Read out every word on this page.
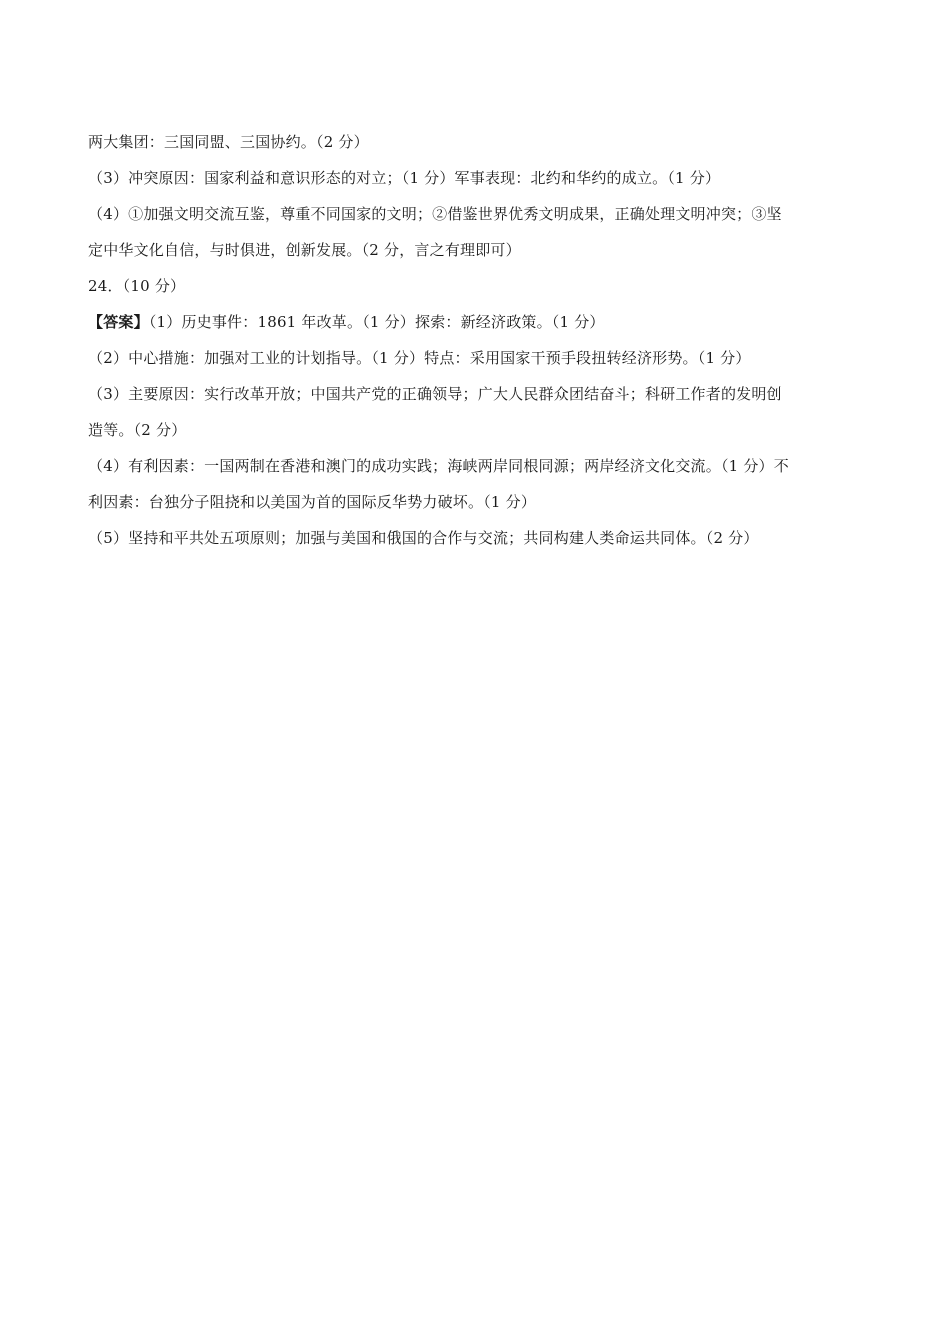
两大集团：三国同盟、三国协约。（2 分）
（3）冲突原因：国家利益和意识形态的对立；（1 分）军事表现：北约和华约的成立。（1 分）
（4）①加强文明交流互鉴，尊重不同国家的文明；②借鉴世界优秀文明成果，正确处理文明冲突；③坚
定中华文化自信，与时俱进，创新发展。（2 分，言之有理即可）
24．（10 分）
【答案】（1）历史事件：1861 年改革。（1 分）探索：新经济政策。（1 分）
（2）中心措施：加强对工业的计划指导。（1 分）特点：采用国家干预手段扭转经济形势。（1 分）
（3）主要原因：实行改革开放；中国共产党的正确领导；广大人民群众团结奋斗；科研工作者的发明创
造等。（2 分）
（4）有利因素：一国两制在香港和澳门的成功实践；海峡两岸同根同源；两岸经济文化交流。（1 分）不
利因素：台独分子阻挠和以美国为首的国际反华势力破坏。（1 分）
（5）坚持和平共处五项原则；加强与美国和俄国的合作与交流；共同构建人类命运共同体。（2 分）
